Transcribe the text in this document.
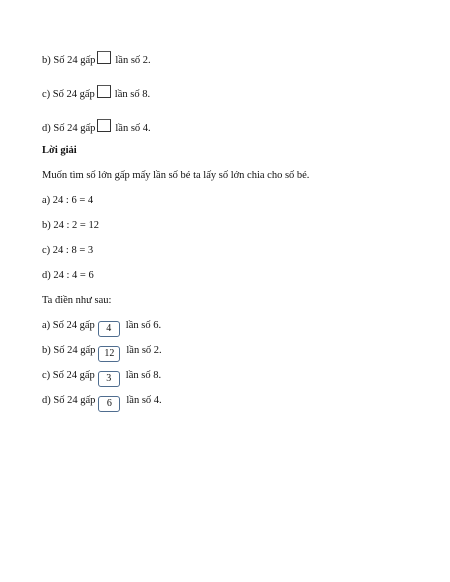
b) Số 24 gấp lần số 2.
c) Số 24 gấp lần số 8.
d) Số 24 gấp lần số 4.
Lời giải
Muốn tìm số lớn gấp mấy lần số bé ta lấy số lớn chia cho số bé.
a) 24 : 6 = 4
b) 24 : 2 = 12
c) 24 : 8 = 3
d) 24 : 4 = 6
Ta điền như sau:
a) Số 24 gấp 4 lần số 6.
b) Số 24 gấp 12 lần số 2.
c) Số 24 gấp 3 lần số 8.
d) Số 24 gấp 6 lần số 4.
